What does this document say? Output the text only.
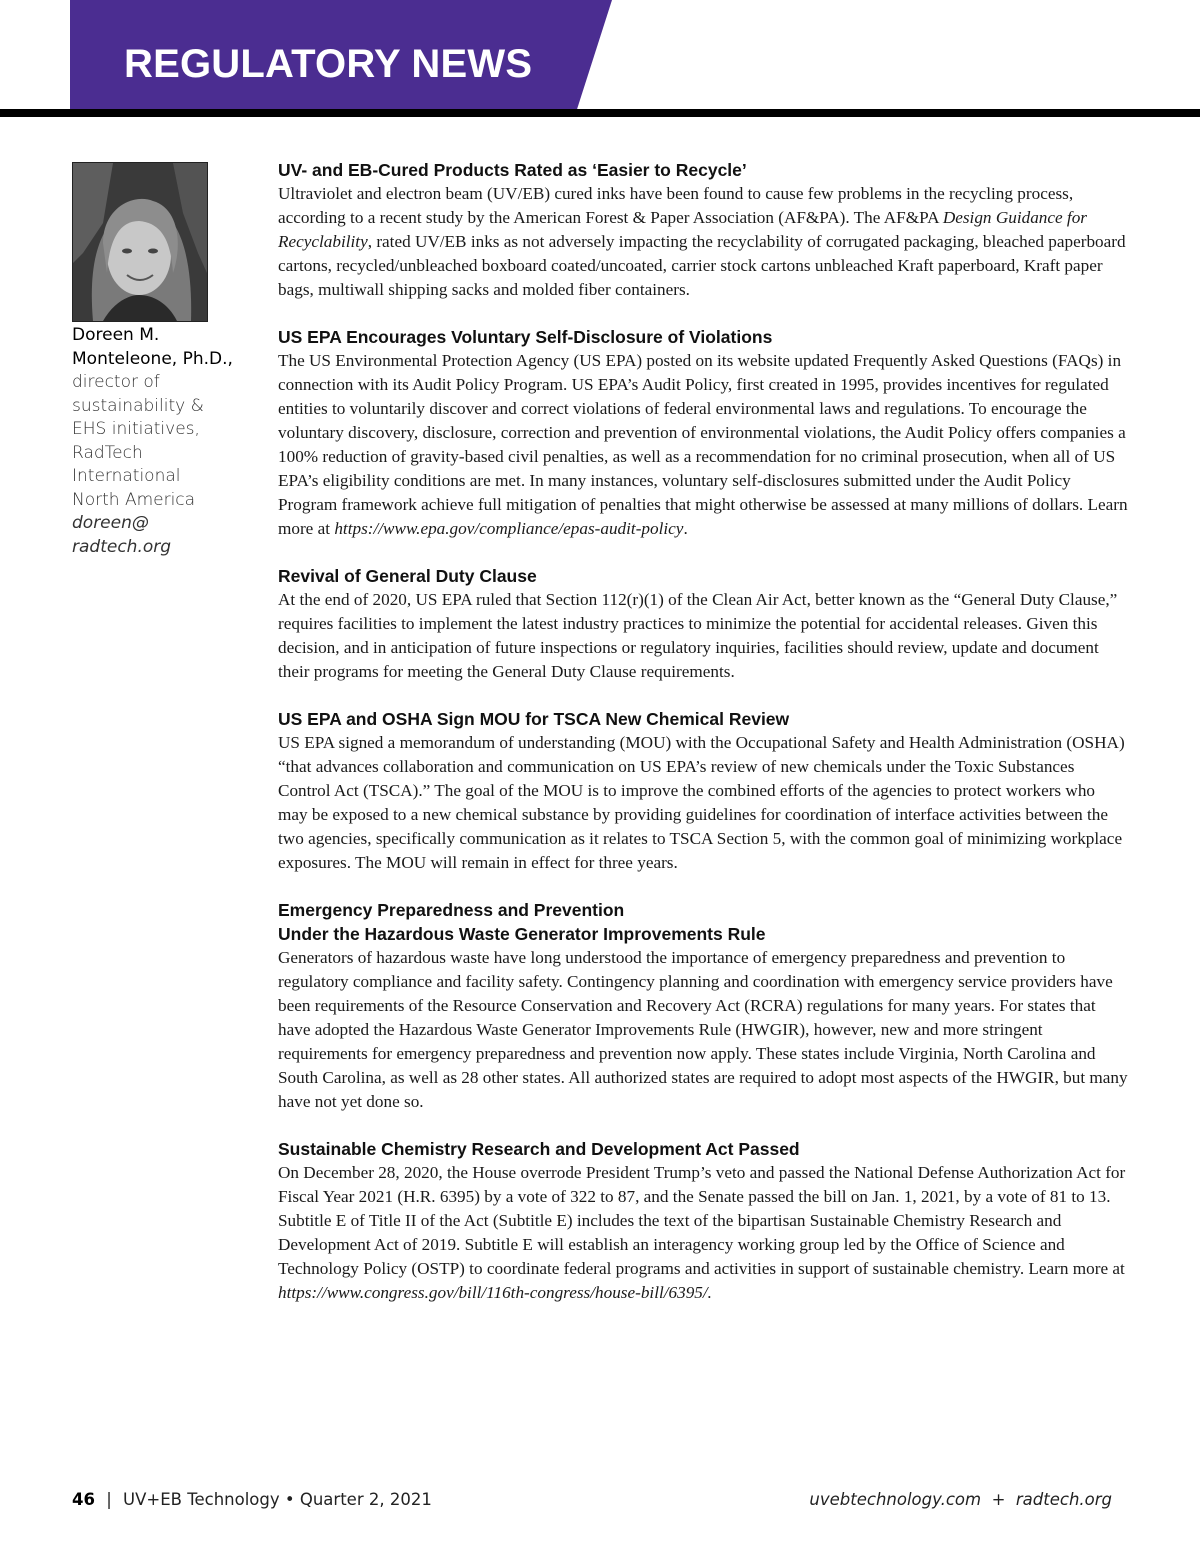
REGULATORY NEWS
Doreen M.
Monteleone, Ph.D.,
director of
sustainability &
EHS initiatives,
RadTech
International
North America
doreen@
radtech.org
UV- and EB-Cured Products Rated as ‘Easier to Recycle’

Ultraviolet and electron beam (UV/EB) cured inks have been found to cause few problems in the recycling process, according to a recent study by the American Forest & Paper Association (AF&PA). The AF&PA Design Guidance for Recyclability, rated UV/EB inks as not adversely impacting the recyclability of corrugated packaging, bleached paperboard cartons, recycled/unbleached boxboard coated/uncoated, carrier stock cartons unbleached Kraft paperboard, Kraft paper bags, multiwall shipping sacks and molded fiber containers.

US EPA Encourages Voluntary Self-Disclosure of Violations

The US Environmental Protection Agency (US EPA) posted on its website updated Frequently Asked Questions (FAQs) in connection with its Audit Policy Program. US EPA’s Audit Policy, first created in 1995, provides incentives for regulated entities to voluntarily discover and correct violations of federal environmental laws and regulations. To encourage the voluntary discovery, disclosure, correction and prevention of environmental violations, the Audit Policy offers companies a 100% reduction of gravity-based civil penalties, as well as a recommendation for no criminal prosecution, when all of US EPA’s eligibility conditions are met. In many instances, voluntary self-disclosures submitted under the Audit Policy Program framework achieve full mitigation of penalties that might otherwise be assessed at many millions of dollars. Learn more at https://www.epa.gov/compliance/epas-audit-policy.

Revival of General Duty Clause

At the end of 2020, US EPA ruled that Section 112(r)(1) of the Clean Air Act, better known as the “General Duty Clause,” requires facilities to implement the latest industry practices to minimize the potential for accidental releases. Given this decision, and in anticipation of future inspections or regulatory inquiries, facilities should review, update and document their programs for meeting the General Duty Clause requirements.

US EPA and OSHA Sign MOU for TSCA New Chemical Review

US EPA signed a memorandum of understanding (MOU) with the Occupational Safety and Health Administration (OSHA) “that advances collaboration and communication on US EPA’s review of new chemicals under the Toxic Substances Control Act (TSCA).” The goal of the MOU is to improve the combined efforts of the agencies to protect workers who may be exposed to a new chemical substance by providing guidelines for coordination of interface activities between the two agencies, specifically communication as it relates to TSCA Section 5, with the common goal of minimizing workplace exposures. The MOU will remain in effect for three years.

Emergency Preparedness and Prevention
Under the Hazardous Waste Generator Improvements Rule

Generators of hazardous waste have long understood the importance of emergency preparedness and prevention to regulatory compliance and facility safety. Contingency planning and coordination with emergency service providers have been requirements of the Resource Conservation and Recovery Act (RCRA) regulations for many years. For states that have adopted the Hazardous Waste Generator Improvements Rule (HWGIR), however, new and more stringent requirements for emergency preparedness and prevention now apply. These states include Virginia, North Carolina and South Carolina, as well as 28 other states. All authorized states are required to adopt most aspects of the HWGIR, but many have not yet done so.

Sustainable Chemistry Research and Development Act Passed

On December 28, 2020, the House overrode President Trump’s veto and passed the National Defense Authorization Act for Fiscal Year 2021 (H.R. 6395) by a vote of 322 to 87, and the Senate passed the bill on Jan. 1, 2021, by a vote of 81 to 13. Subtitle E of Title II of the Act (Subtitle E) includes the text of the bipartisan Sustainable Chemistry Research and Development Act of 2019. Subtitle E will establish an interagency working group led by the Office of Science and Technology Policy (OSTP) to coordinate federal programs and activities in support of sustainable chemistry. Learn more at https://www.congress.gov/bill/116th-congress/house-bill/6395/.

46 | UV+EB Technology • Quarter 2, 2021	uvebtechnology.com  +  radtech.org
